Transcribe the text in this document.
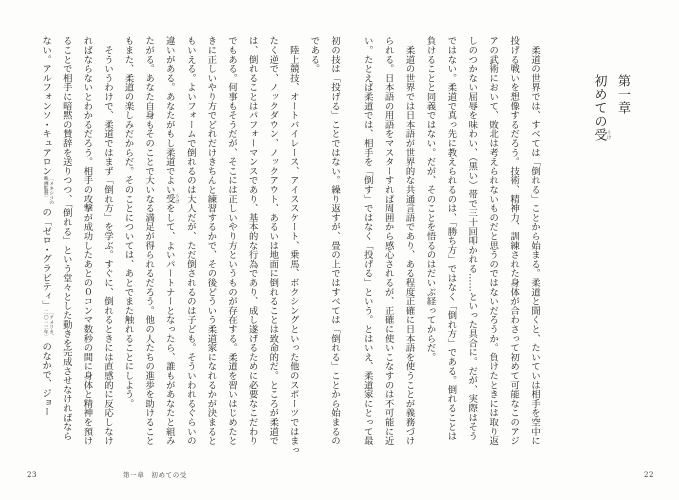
初の技は「投げる」ことではない。繰り返すが、畳の上ではすべては「倒れる」ことから始まるの

である。

　陸上競技、オートバイレース、アイススケート、乗馬、ボクシングといった他のスポーツではまっ

たく逆で、ノックダウン、ノックアウト、あるいは地面に倒れることは致命的だ。ところが柔道で

は、倒れることはパフォーマンスであり、基本的な行為であり、成し遂げるために必要なこだわり

でもある。何事もそうだが、そこには正しいやり方というものが存在する。柔道を習いはじめたと

きに正しいやり方でどれだけきちんと練習するかで、その後どういう柔道家になれるかが決まると

もいえる。よいフォームで倒れるのは大人だが、ただ倒されるのは子ども。そういわれるぐらいの

違いがある。あなたがもし柔道でよい受 うけをして、よいパートナーとなったら、誰もがあなたと組み

たがる。あなた自身もそのことで大いなる満足が得られるだろう。他の人たちの進歩を助けること

もまた、柔道の楽しみだからだ。そのことについては、あとでまた触れることにしよう。

　そういうわけで、柔道ではまず「倒れ方」を学ぶ。すぐに、倒れるときには直感的に反応しなけ

ればならないとわかるだろう。相手の攻撃が成功したあとの０コンマ数秒の間に身体と精神を預け

ることで相手に暗黙の賛辞を送りつつ、「倒れる」という堂々とした動きを完成させなければなら

ない。アルフォンソ・キュアロン〔メキシコの映画監督〕の「ゼロ・グラビティ」〔アメリカ、二〇一三年〕のなかで、ジョー

23	第一章　初めての受

第一章

初めての受 うけ

　柔道の世界では、すべては「倒れる」ことから始まる。柔道と聞くと、たいていは相手を空中に

投げる戦いを想像するだろう。技術、精神力、訓練された身体が合わさって初めて可能なこのアジ

アの武術において、敗北は考えられないものだと思うのではないだろうか。負けたときには取り返

しのつかない屈辱を味わい、（黒い）帯で三十回叩かれる……といった具合に。だが、実際はそう

ではない。柔道で真っ先に教えられるのは、「勝ち方」ではなく「倒れ方」である。倒れることは

負けることと同義ではない。だが、そのことを悟るのはだいぶ経ってからだ。

　柔道の世界では日本語が世界的な共通言語であり、ある程度正確に日本語を使うことが義務づけ

られる。日本語の用語をマスターすれば周囲から感心されるが、正確に使いこなすのは不可能に近

い。たとえば柔道では、相手を「倒す」ではなく「投げる」という。とはいえ、柔道家にとって最

22
